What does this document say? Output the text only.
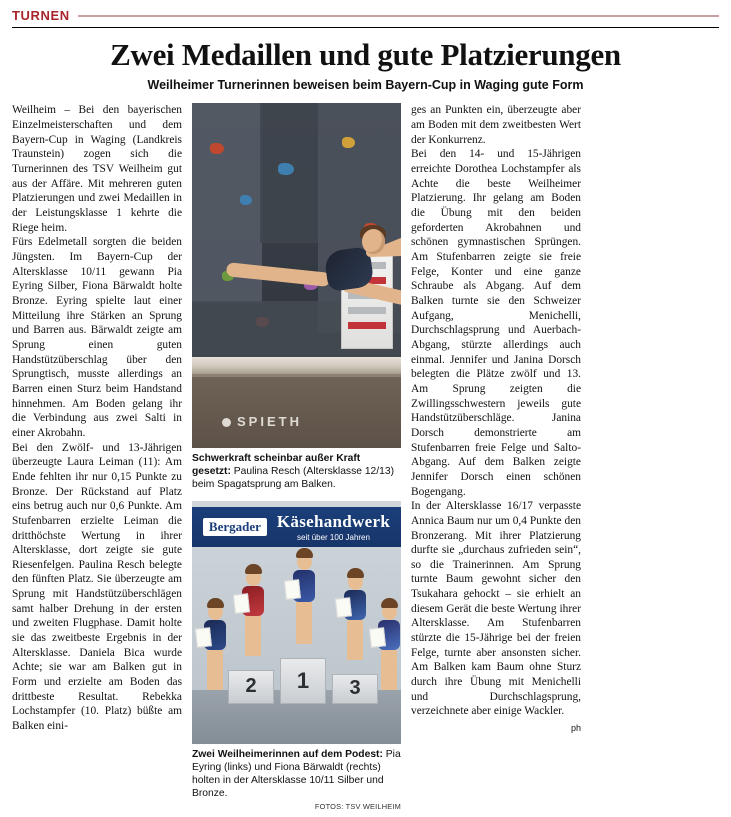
TURNEN
Zwei Medaillen und gute Platzierungen
Weilheimer Turnerinnen beweisen beim Bayern-Cup in Waging gute Form

Weilheim – Bei den bayerischen Einzelmeisterschaften und dem Bayern-Cup in Waging (Landkreis Traunstein) zogen sich die Turnerinnen des TSV Weilheim gut aus der Affäre. Mit mehreren guten Platzierungen und zwei Medaillen in der Leistungsklasse 1 kehrte die Riege heim.

Fürs Edelmetall sorgten die beiden Jüngsten. Im Bayern-Cup der Altersklasse 10/11 gewann Pia Eyring Silber, Fiona Bärwaldt holte Bronze. Eyring spielte laut einer Mitteilung ihre Stärken an Sprung und Barren aus. Bärwaldt zeigte am Sprung einen guten Handstützüberschlag über den Sprungtisch, musste allerdings an Barren einen Sturz beim Handstand hinnehmen. Am Boden gelang ihr die Verbindung aus zwei Salti in einer Akrobahn.

Bei den Zwölf- und 13-Jährigen überzeugte Laura Leiman (11): Am Ende fehlten ihr nur 0,15 Punkte zu Bronze. Der Rückstand auf Platz eins betrug auch nur 0,6 Punkte. Am Stufenbarren erzielte Leiman die dritthöchste Wertung in ihrer Altersklasse, dort zeigte sie gute Riesenfelgen. Paulina Resch belegte den fünften Platz. Sie überzeugte am Sprung mit Handstützüberschlägen samt halber Drehung in der ersten und zweiten Flugphase. Damit holte sie das zweitbeste Ergebnis in der Altersklasse. Daniela Bica wurde Achte; sie war am Balken gut in Form und erzielte am Boden das drittbeste Resultat. Rebekka Lochstampfer (10. Platz) büßte am Balken eini-

SPIETH
Schwerkraft scheinbar außer Kraft gesetzt: Paulina Resch (Altersklasse 12/13) beim Spagatsprung am Balken.
Bergader Käsehandwerk
seit über 100 Jahren
2 1 3
Zwei Weilheimerinnen auf dem Podest: Pia Eyring (links) und Fiona Bärwaldt (rechts) holten in der Altersklasse 10/11 Silber und Bronze.
FOTOS: TSV WEILHEIM

ges an Punkten ein, überzeugte aber am Boden mit dem zweitbesten Wert der Konkurrenz.

Bei den 14- und 15-Jährigen erreichte Dorothea Lochstampfer als Achte die beste Weilheimer Platzierung. Ihr gelang am Boden die Übung mit den beiden geforderten Akrobahnen und schönen gymnastischen Sprüngen. Am Stufenbarren zeigte sie freie Felge, Konter und eine ganze Schraube als Abgang. Auf dem Balken turnte sie den Schweizer Aufgang, Menichelli, Durchschlagsprung und Auerbach-Abgang, stürzte allerdings auch einmal. Jennifer und Janina Dorsch belegten die Plätze zwölf und 13. Am Sprung zeigten die Zwillingsschwestern jeweils gute Handstützüberschläge. Janina Dorsch demonstrierte am Stufenbarren freie Felge und Salto-Abgang. Auf dem Balken zeigte Jennifer Dorsch einen schönen Bogengang.

In der Altersklasse 16/17 verpasste Annica Baum nur um 0,4 Punkte den Bronzerang. Mit ihrer Platzierung durfte sie „durchaus zufrieden sein“, so die Trainerinnen. Am Sprung turnte Baum gewohnt sicher den Tsukahara gehockt – sie erhielt an diesem Gerät die beste Wertung ihrer Altersklasse. Am Stufenbarren stürzte die 15-Jährige bei der freien Felge, turnte aber ansonsten sicher. Am Balken kam Baum ohne Sturz durch ihre Übung mit Menichelli und Durchschlagsprung, verzeichnete aber einige Wackler.

ph
